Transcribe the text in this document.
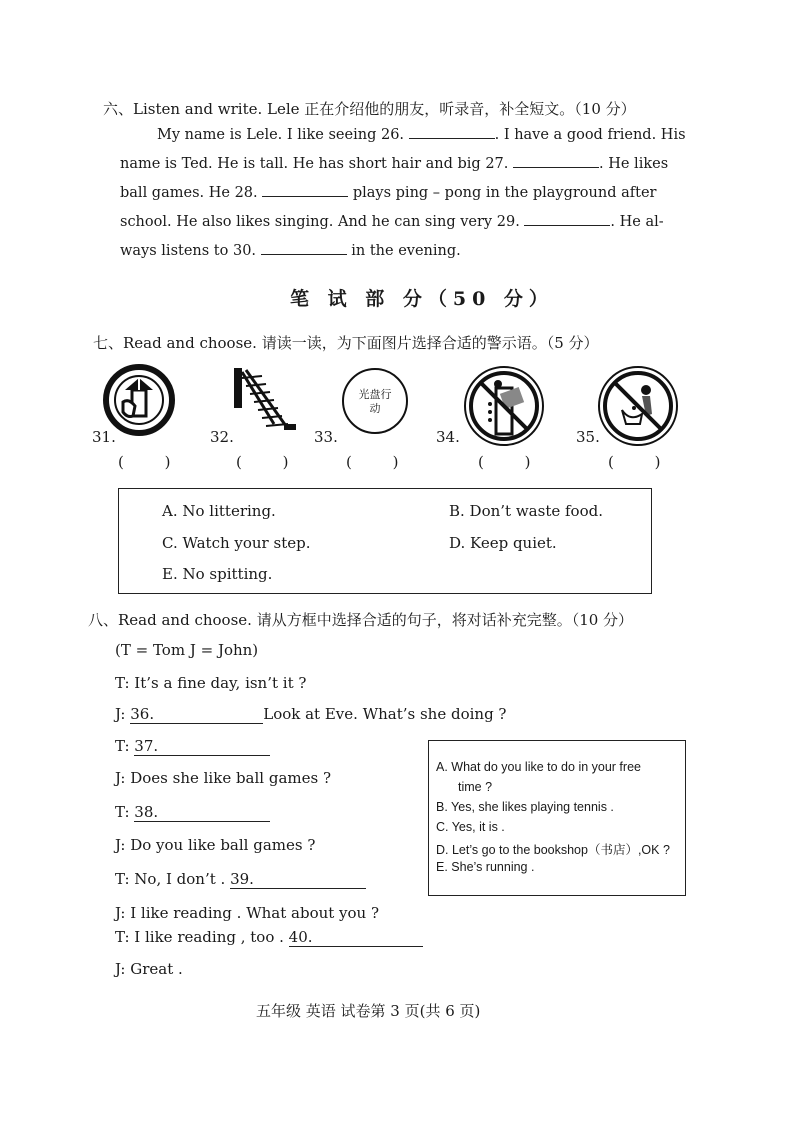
六、Listen and write. Lele 正在介绍他的朋友，听录音，补全短文。（10 分）
My name is Lele. I like seeing 26.	. I have a good friend. His
name is Ted. He is tall. He has short hair and big 27.	. He likes
ball games. He 28.	plays ping – pong in the playground after
school. He also likes singing. And he can sing very 29.	. He al-
ways listens to 30.	in the evening.
笔 试 部 分（50 分）
七、Read and choose. 请读一读，为下面图片选择合适的警示语。（5 分）
31.
( )
32.
( )
光盘行动
33.
( )
34.
( )
35.
( )
A. No littering.	B. Don’t waste food.
C. Watch your step.	D. Keep quiet.
E. No spitting.
八、Read and choose. 请从方框中选择合适的句子，将对话补充完整。（10 分）
(T = Tom J = John)
T: It’s a fine day, isn’t it ?
J: 36.	Look at Eve. What’s she doing ?
T: 37.
J: Does she like ball games ?
T: 38.
J: Do you like ball games ?
T: No, I don’t . 39.
J: I like reading . What about you ?
T: I like reading , too . 40.
J: Great .
A. What do you like to do in your free
time ?
B. Yes, she likes playing tennis .
C. Yes, it is .
D. Let’s go to the bookshop（书店）,OK ?
E. She’s running .
五年级 英语 试卷第 3 页(共 6 页)
